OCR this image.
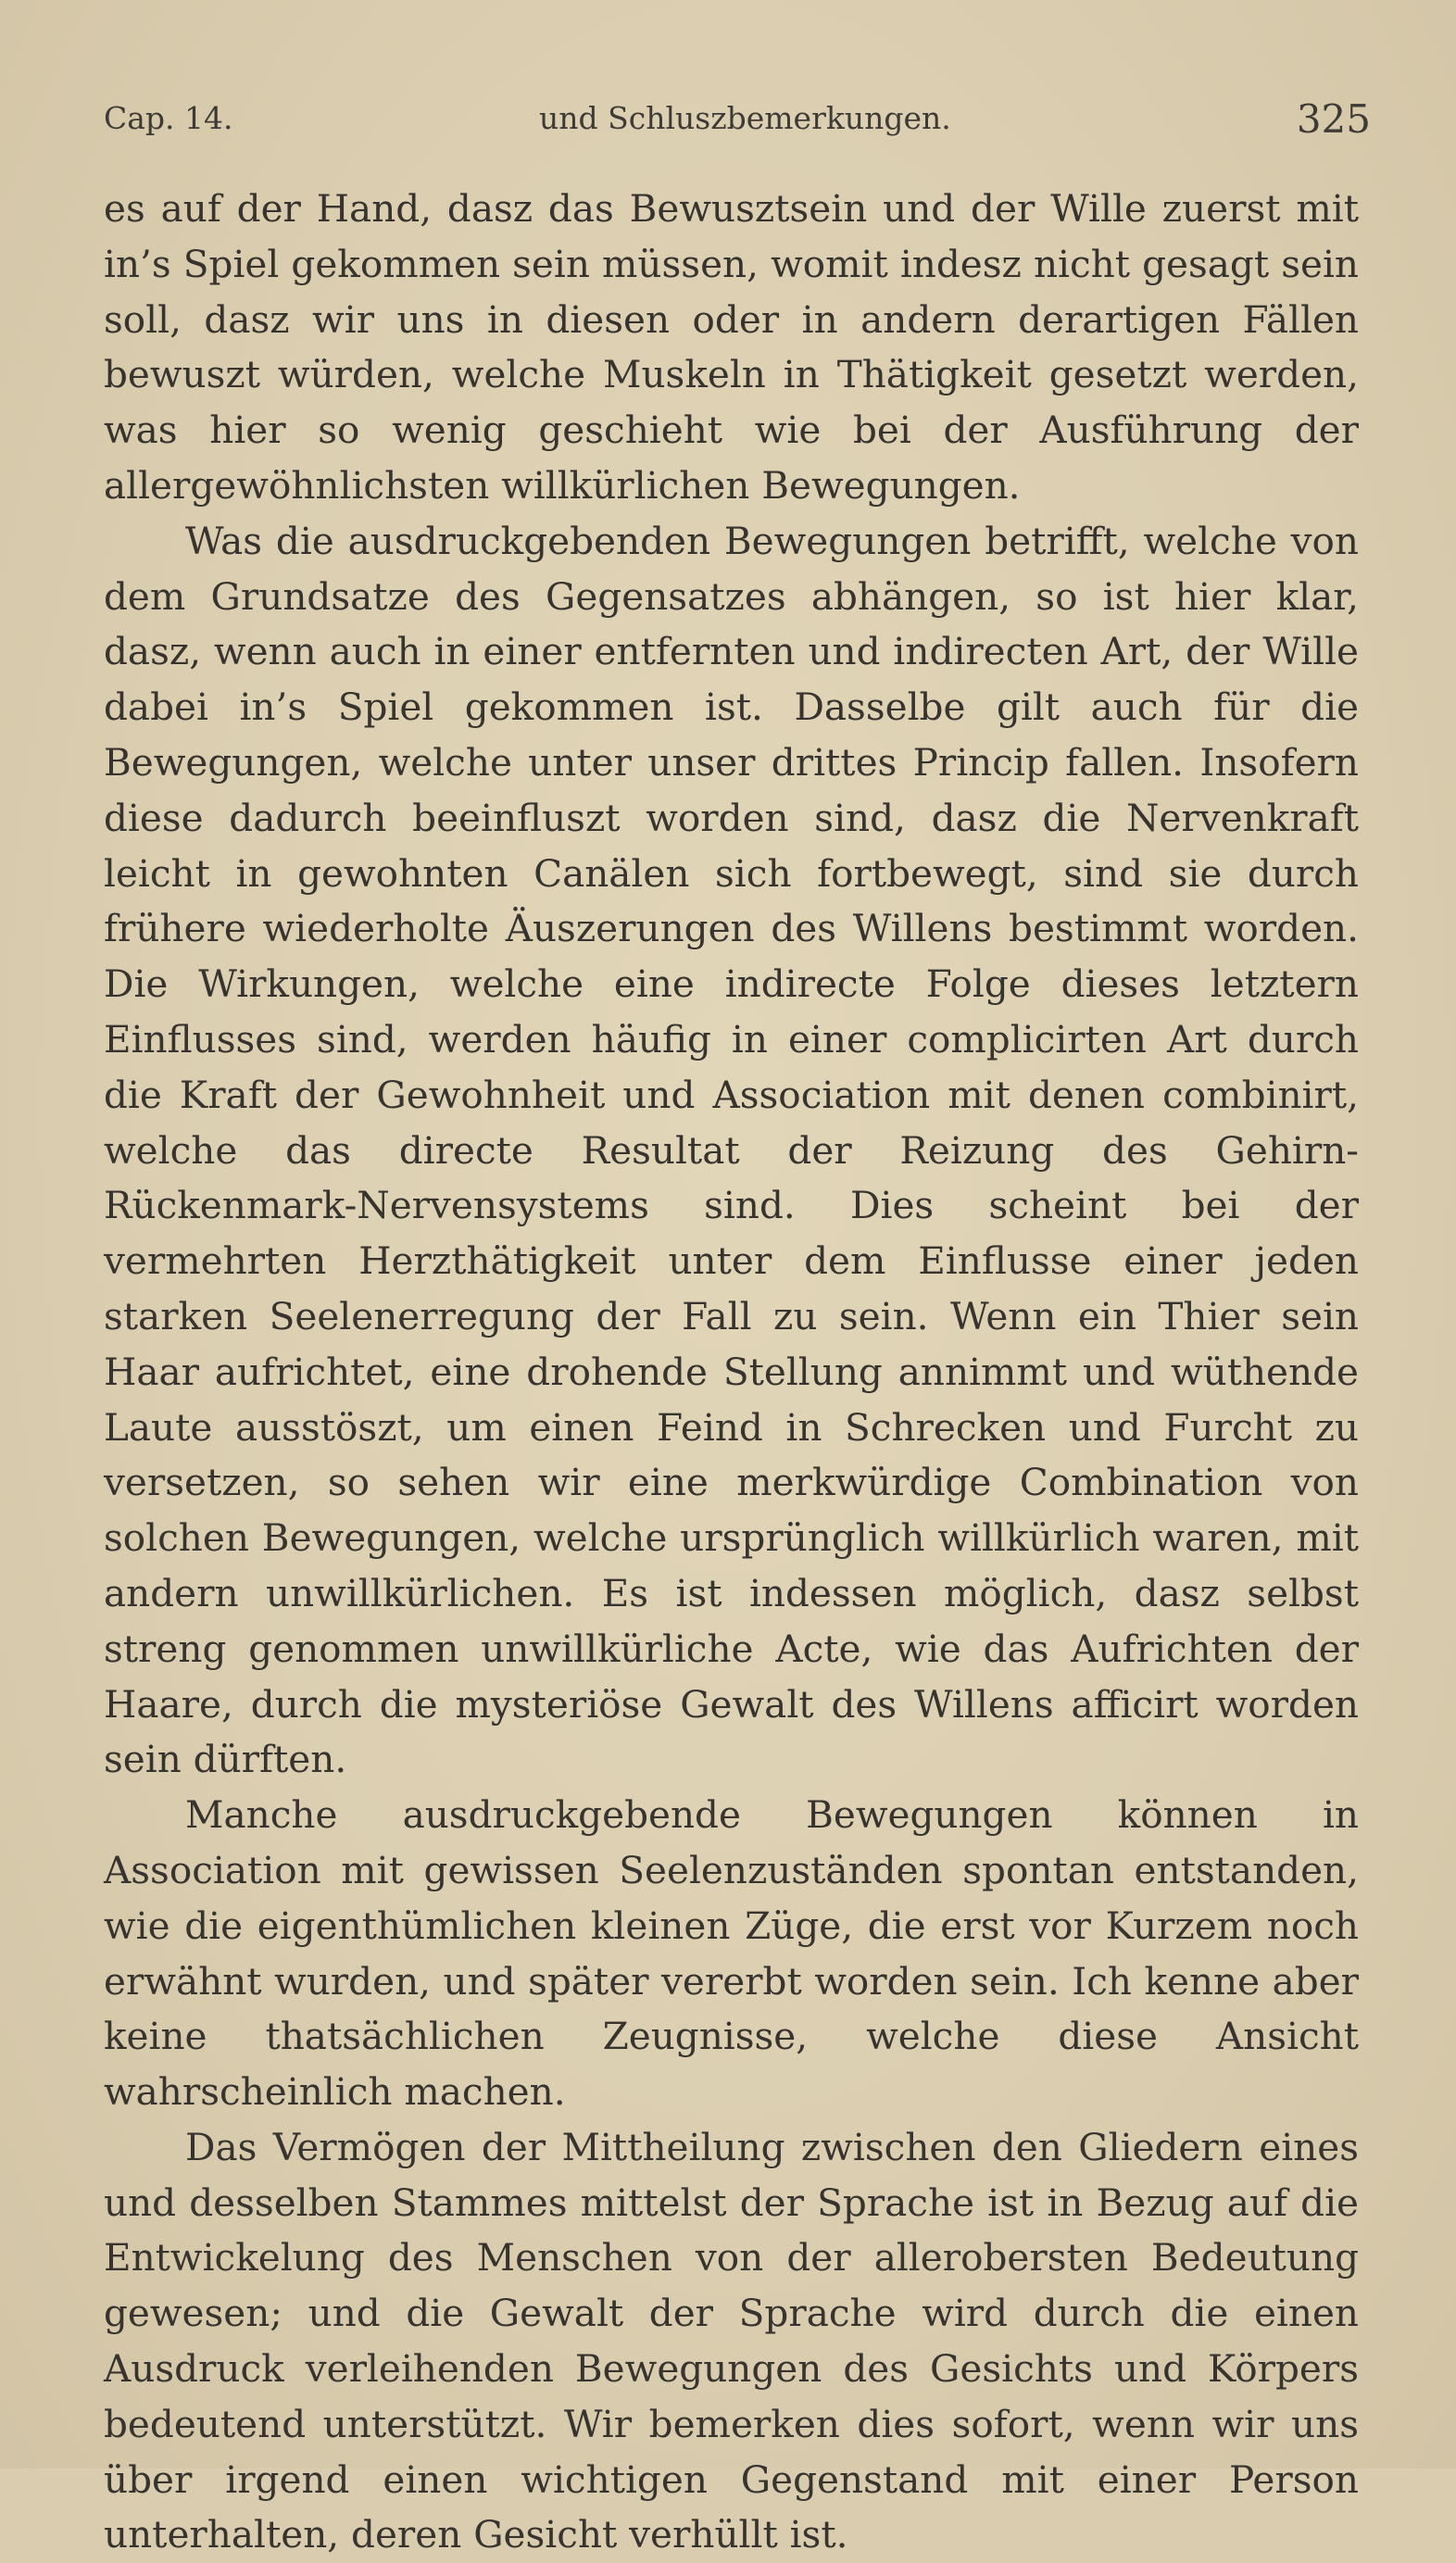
Cap. 14.	und Schluszbemerkungen.	325

es auf der Hand, dasz das Bewusztsein und der Wille zuerst mit in’s Spiel gekommen sein müssen, womit indesz nicht gesagt sein soll, dasz wir uns in diesen oder in andern derartigen Fällen bewuszt würden, welche Muskeln in Thätigkeit gesetzt werden, was hier so wenig geschieht wie bei der Ausführung der allergewöhnlichsten willkürlichen Bewegungen.

Was die ausdruckgebenden Bewegungen betrifft, welche von dem Grundsatze des Gegensatzes abhängen, so ist hier klar, dasz, wenn auch in einer entfernten und indirecten Art, der Wille dabei in’s Spiel gekommen ist. Dasselbe gilt auch für die Bewegungen, welche unter unser drittes Princip fallen. Insofern diese dadurch beeinfluszt worden sind, dasz die Nervenkraft leicht in gewohnten Canälen sich fortbewegt, sind sie durch frühere wiederholte Äuszerungen des Willens bestimmt worden. Die Wirkungen, welche eine indirecte Folge dieses letztern Einflusses sind, werden häufig in einer complicirten Art durch die Kraft der Gewohnheit und Association mit denen combinirt, welche das directe Resultat der Reizung des Gehirn-Rückenmark-Nervensystems sind. Dies scheint bei der vermehrten Herzthätigkeit unter dem Einflusse einer jeden starken Seelenerregung der Fall zu sein. Wenn ein Thier sein Haar aufrichtet, eine drohende Stellung annimmt und wüthende Laute ausstöszt, um einen Feind in Schrecken und Furcht zu versetzen, so sehen wir eine merkwürdige Combination von solchen Bewegungen, welche ursprünglich willkürlich waren, mit andern unwillkürlichen. Es ist indessen möglich, dasz selbst streng genommen unwillkürliche Acte, wie das Aufrichten der Haare, durch die mysteriöse Gewalt des Willens afficirt worden sein dürften.

Manche ausdruckgebende Bewegungen können in Association mit gewissen Seelenzuständen spontan entstanden, wie die eigenthümlichen kleinen Züge, die erst vor Kurzem noch erwähnt wurden, und später vererbt worden sein. Ich kenne aber keine thatsächlichen Zeugnisse, welche diese Ansicht wahrscheinlich machen.

Das Vermögen der Mittheilung zwischen den Gliedern eines und desselben Stammes mittelst der Sprache ist in Bezug auf die Entwickelung des Menschen von der allerobersten Bedeutung gewesen; und die Gewalt der Sprache wird durch die einen Ausdruck verleihenden Bewegungen des Gesichts und Körpers bedeutend unterstützt. Wir bemerken dies sofort, wenn wir uns über irgend einen wichtigen Gegenstand mit einer Person unterhalten, deren Gesicht verhüllt ist.
